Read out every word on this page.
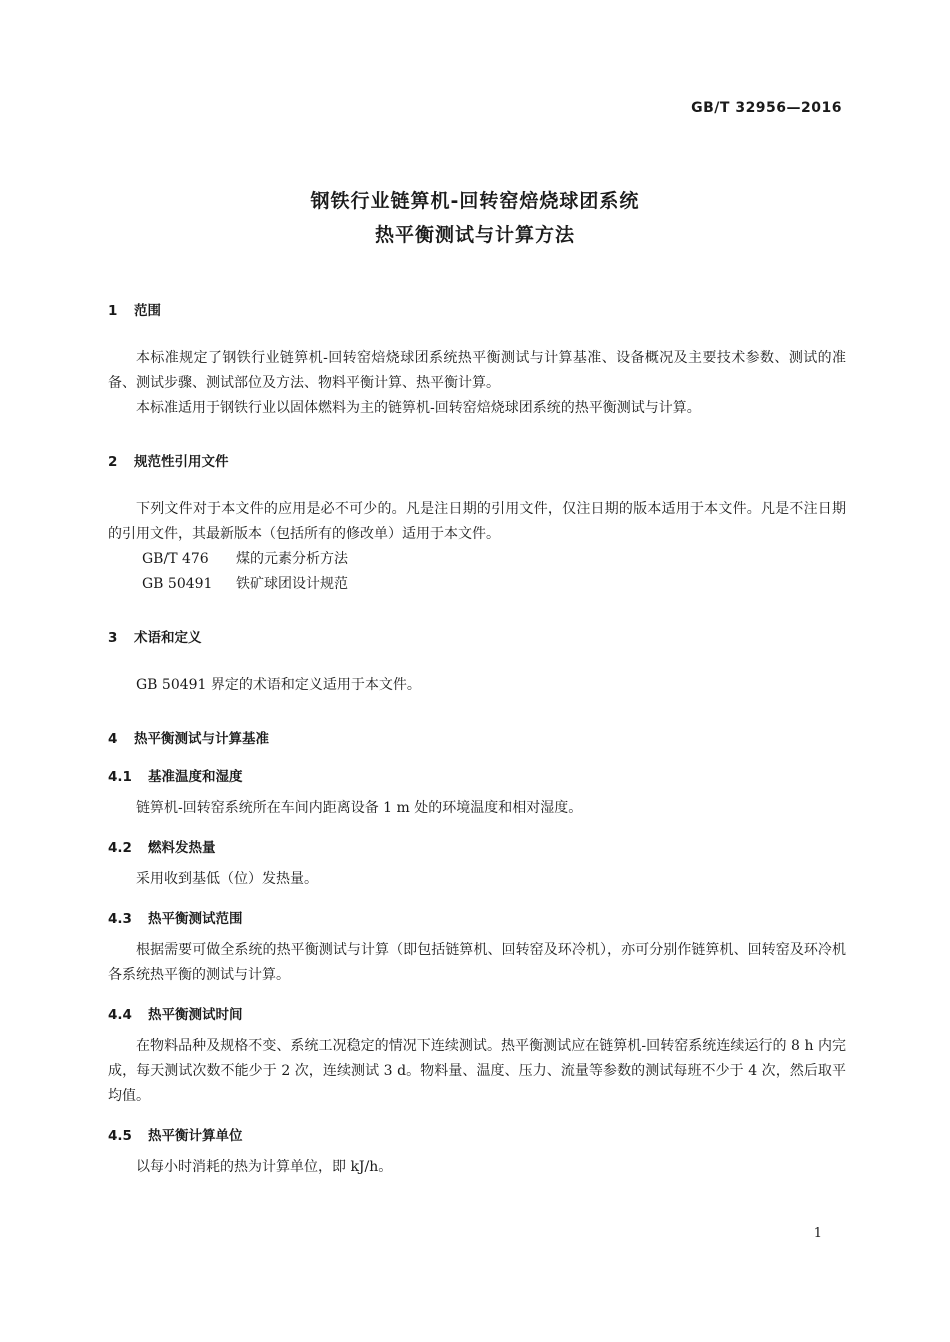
GB/T 32956—2016
钢铁行业链箅机-回转窑焙烧球团系统
热平衡测试与计算方法
1 范围

本标准规定了钢铁行业链箅机-回转窑焙烧球团系统热平衡测试与计算基准、设备概况及主要技术参数、测试的准备、测试步骤、测试部位及方法、物料平衡计算、热平衡计算。

本标准适用于钢铁行业以固体燃料为主的链箅机-回转窑焙烧球团系统的热平衡测试与计算。

2 规范性引用文件

下列文件对于本文件的应用是必不可少的。凡是注日期的引用文件，仅注日期的版本适用于本文件。凡是不注日期的引用文件，其最新版本（包括所有的修改单）适用于本文件。

GB/T 476 煤的元素分析方法

GB 50491 铁矿球团设计规范

3 术语和定义

GB 50491 界定的术语和定义适用于本文件。

4 热平衡测试与计算基准
4.1 基准温度和湿度

链箅机-回转窑系统所在车间内距离设备 1 m 处的环境温度和相对湿度。

4.2 燃料发热量

采用收到基低（位）发热量。

4.3 热平衡测试范围

根据需要可做全系统的热平衡测试与计算（即包括链箅机、回转窑及环冷机），亦可分别作链箅机、回转窑及环冷机各系统热平衡的测试与计算。

4.4 热平衡测试时间

在物料品种及规格不变、系统工况稳定的情况下连续测试。热平衡测试应在链箅机-回转窑系统连续运行的 8 h 内完成，每天测试次数不能少于 2 次，连续测试 3 d。物料量、温度、压力、流量等参数的测试每班不少于 4 次，然后取平均值。

4.5 热平衡计算单位

以每小时消耗的热为计算单位，即 kJ/h。

1
